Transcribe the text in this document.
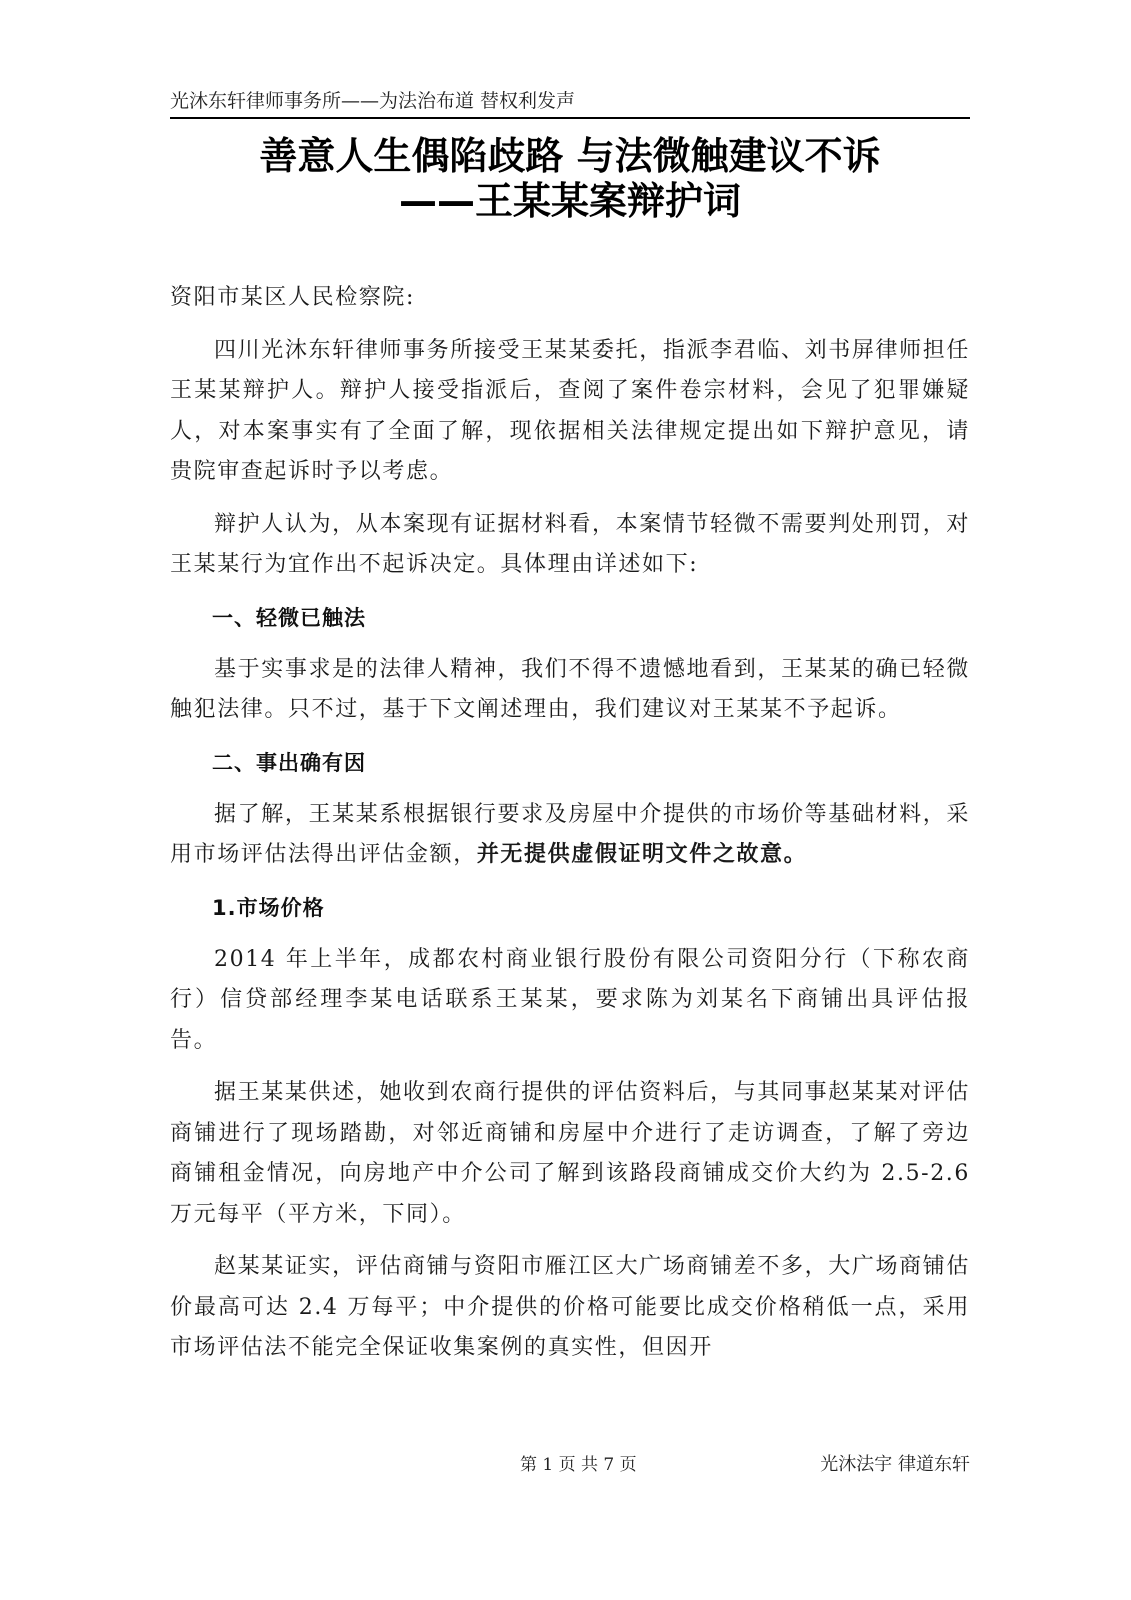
光沐东轩律师事务所——为法治布道 替权利发声
善意人生偶陷歧路 与法微触建议不诉
——王某某案辩护词

资阳市某区人民检察院:

四川光沐东轩律师事务所接受王某某委托，指派李君临、刘书屏律师担任王某某辩护人。辩护人接受指派后，查阅了案件卷宗材料，会见了犯罪嫌疑人，对本案事实有了全面了解，现依据相关法律规定提出如下辩护意见，请贵院审查起诉时予以考虑。

辩护人认为，从本案现有证据材料看，本案情节轻微不需要判处刑罚，对王某某行为宜作出不起诉决定。具体理由详述如下:

一、轻微已触法

基于实事求是的法律人精神，我们不得不遗憾地看到，王某某的确已轻微触犯法律。只不过，基于下文阐述理由，我们建议对王某某不予起诉。

二、事出确有因

据了解，王某某系根据银行要求及房屋中介提供的市场价等基础材料，采用市场评估法得出评估金额，并无提供虚假证明文件之故意。

1.市场价格

2014 年上半年，成都农村商业银行股份有限公司资阳分行（下称农商行）信贷部经理李某电话联系王某某，要求陈为刘某名下商铺出具评估报告。

据王某某供述，她收到农商行提供的评估资料后，与其同事赵某某对评估商铺进行了现场踏勘，对邻近商铺和房屋中介进行了走访调查，了解了旁边商铺租金情况，向房地产中介公司了解到该路段商铺成交价大约为 2.5-2.6 万元每平（平方米，下同）。

赵某某证实，评估商铺与资阳市雁江区大广场商铺差不多，大广场商铺估价最高可达 2.4 万每平；中介提供的价格可能要比成交价格稍低一点，采用市场评估法不能完全保证收集案例的真实性，但因开

第 1 页 共 7 页	光沐法宇 律道东轩
